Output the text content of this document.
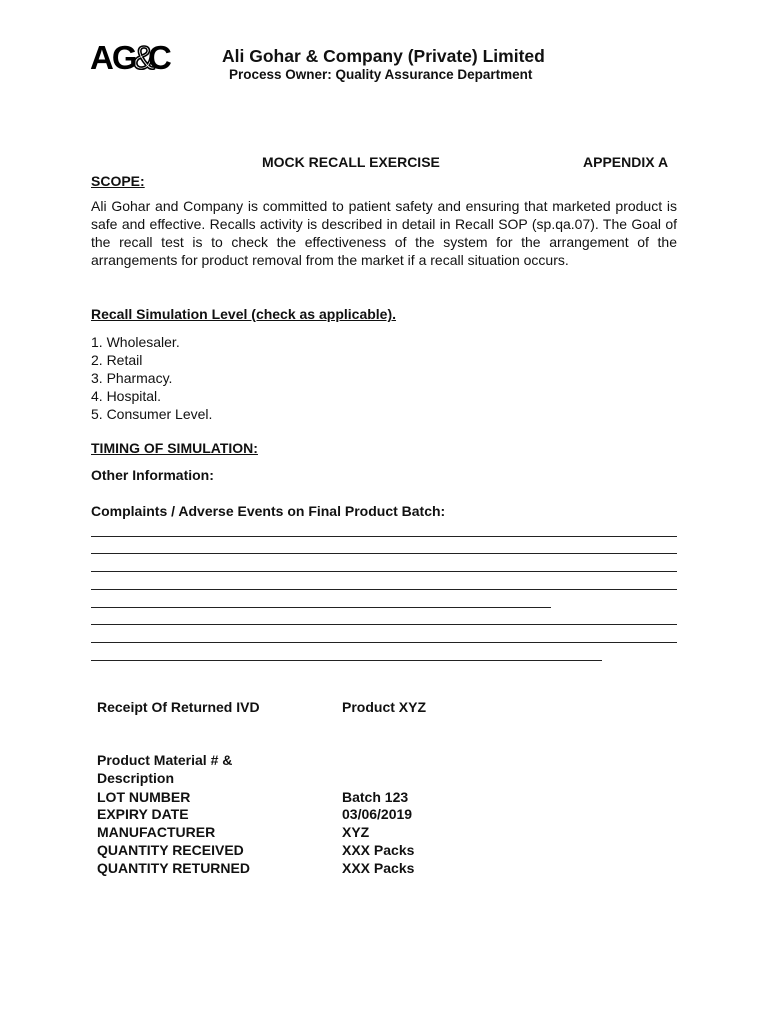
AG
&
C	Ali Gohar & Company (Private) Limited
Process Owner: Quality Assurance Department
MOCK RECALL EXERCISE	APPENDIX A
SCOPE:
Ali Gohar and Company is committed to patient safety and ensuring that marketed product is safe and effective. Recalls activity is described in detail in Recall SOP (sp.qa.07). The Goal of the recall test is to check the effectiveness of the system for the arrangement of the arrangements for product removal from the market if a recall situation occurs.
Recall Simulation Level (check as applicable).
1. Wholesaler.
2. Retail
3. Pharmacy.
4. Hospital.
5. Consumer Level.
TIMING OF SIMULATION:
Other Information:
Complaints / Adverse Events on Final Product Batch:
Receipt Of Returned IVD	Product XYZ
Product Material # &
Description
LOT NUMBER	Batch 123
EXPIRY DATE	03/06/2019
MANUFACTURER	XYZ
QUANTITY RECEIVED	XXX Packs
QUANTITY RETURNED	XXX Packs
